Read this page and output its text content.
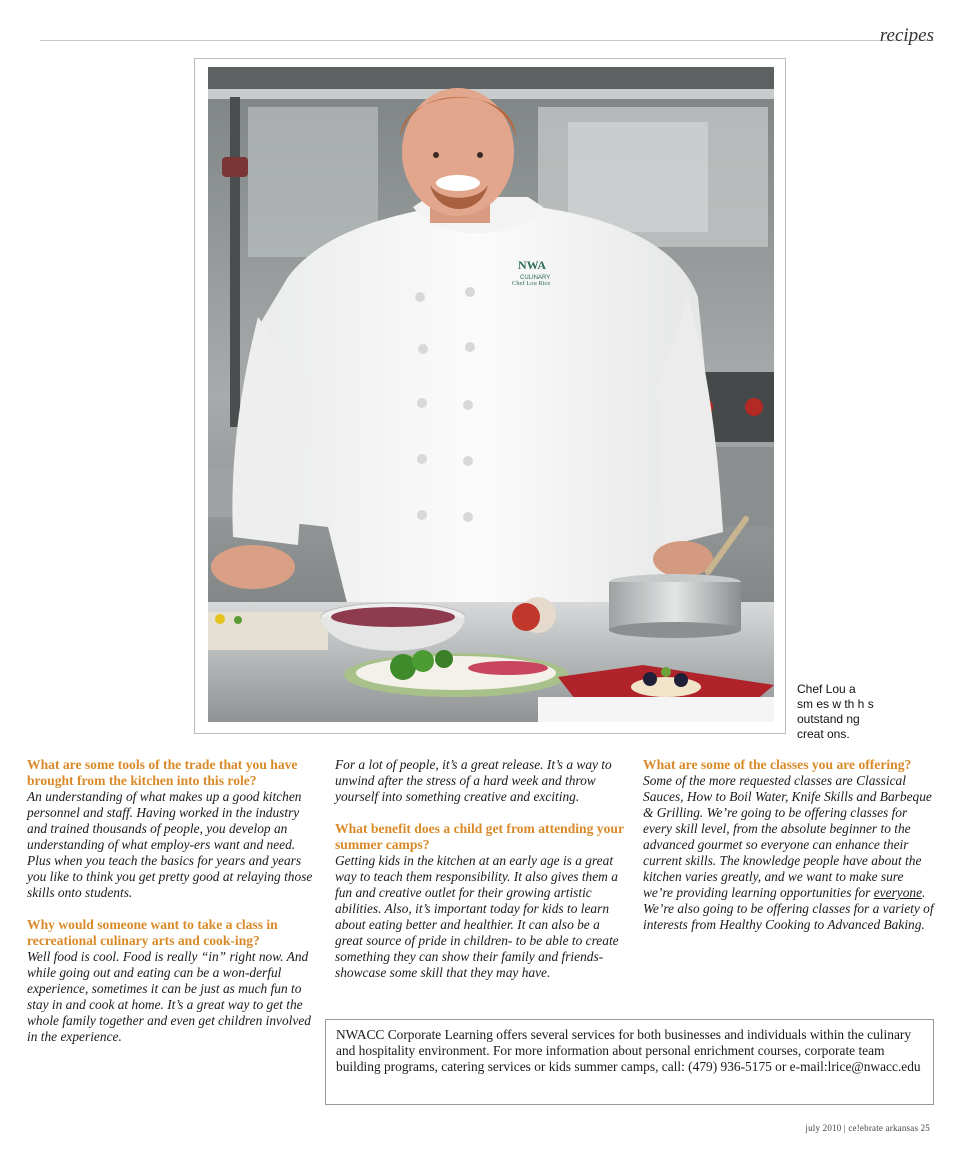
recipes
NWA
CULINARY
Chef Lou Rice
Chef Lou a
sm es w th h s
outstand ng
creat ons.

What are some tools of the trade that you have brought from the kitchen into this role?

An understanding of what makes up a good kitchen personnel and staff. Having worked in the industry and trained thousands of people, you develop an understanding of what employ-ers want and need. Plus when you teach the basics for years and years you like to think you get pretty good at relaying those skills onto students.

Why would someone want to take a class in recreational culinary arts and cook-ing?

Well food is cool. Food is really “in” right now. And while going out and eating can be a won-derful experience, sometimes it can be just as much fun to stay in and cook at home. It’s a great way to get the whole family together and even get children involved in the experience.

For a lot of people, it’s a great release. It’s a way to unwind after the stress of a hard week and throw yourself into something creative and exciting.

What benefit does a child get from attending your summer camps?

Getting kids in the kitchen at an early age is a great way to teach them responsibility. It also gives them a fun and creative outlet for their growing artistic abilities. Also, it’s important today for kids to learn about eating better and healthier. It can also be a great source of pride in children- to be able to create something they can show their family and friends- showcase some skill that they may have.

What are some of the classes you are offering?

Some of the more requested classes are Classical Sauces, How to Boil Water, Knife Skills and Barbeque & Grilling. We’re going to be offering classes for every skill level, from the absolute beginner to the advanced gourmet so everyone can enhance their current skills. The knowledge people have about the kitchen varies greatly, and we want to make sure we’re providing learning opportunities for everyone. We’re also going to be offering classes for a variety of interests from Healthy Cooking to Advanced Baking.

NWACC Corporate Learning offers several services for both businesses and individuals within the culinary and hospitality environment. For more information about personal enrichment courses, corporate team building programs, catering services or kids summer camps, call: (479) 936-5175 or e-mail:lrice@nwacc.edu
july 2010 | ce!ebrate arkansas 25
